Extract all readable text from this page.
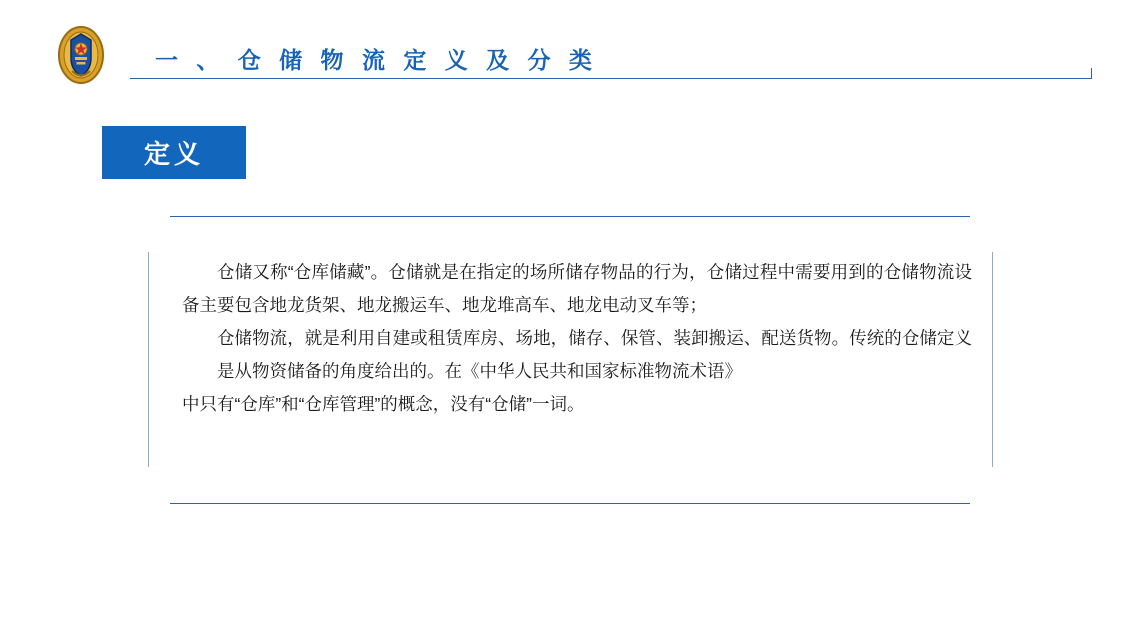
一 、 仓 储 物 流 定 义 及 分 类
定义

仓储又称“仓库储藏”。仓储就是在指定的场所储存物品的行为，仓储过程中需要用到的仓储物流设备主要包含地龙货架、地龙搬运车、地龙堆高车、地龙电动叉车等；

仓储物流，就是利用自建或租赁库房、场地，储存、保管、装卸搬运、配送货物。传统的仓储定义是从物资储备的角度给出的。在《中华人民共和国家标准物流术语》

中只有“仓库”和“仓库管理”的概念，没有“仓储”一词。
